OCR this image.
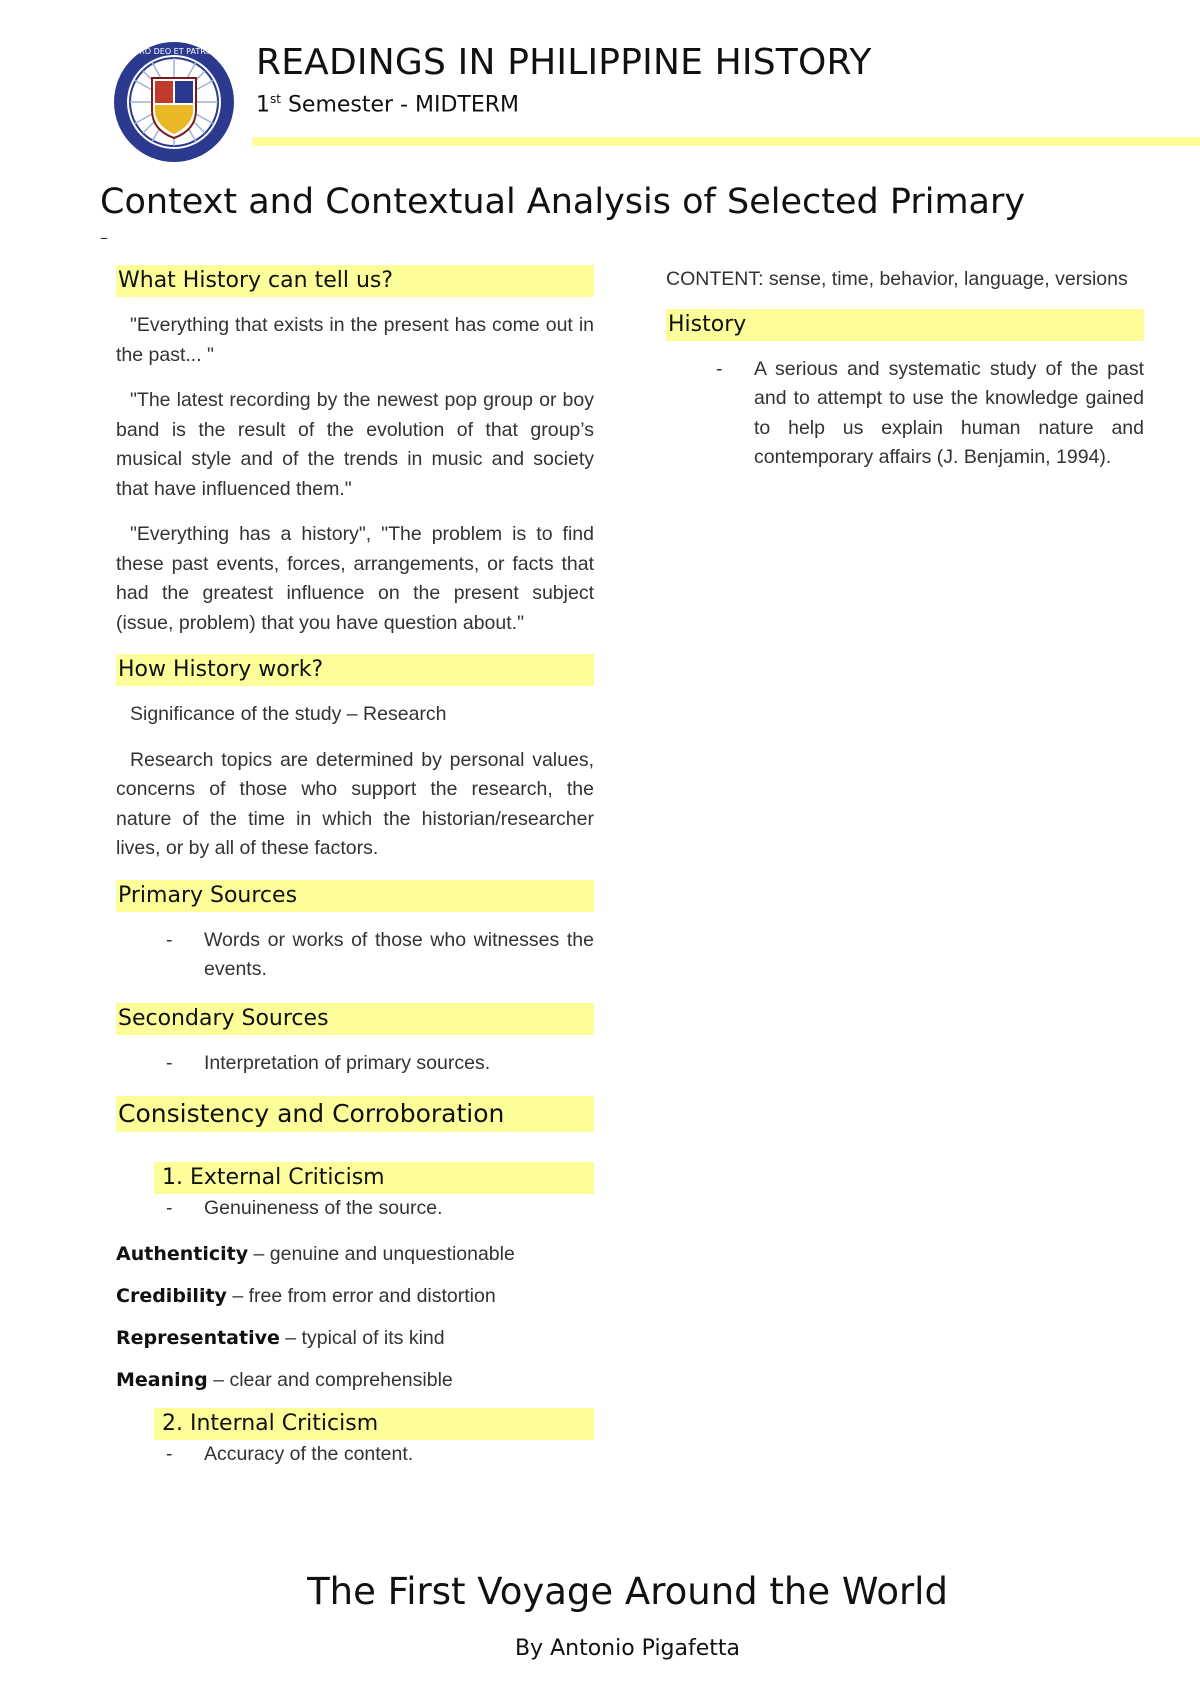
PRO DEO ET PATRIA READINGS IN PHILIPPINE HISTORY
1st Semester - MIDTERM
Context and Contextual Analysis of Selected Primary
–
What History can tell us?
"Everything that exists in the present has come out in the past... "
"The latest recording by the newest pop group or boy band is the result of the evolution of that group’s musical style and of the trends in music and society that have influenced them."
"Everything has a history", "The problem is to find these past events, forces, arrangements, or facts that had the greatest influence on the present subject (issue, problem) that you have question about."
How History work?
Significance of the study – Research
Research topics are determined by personal values, concerns of those who support the research, the nature of the time in which the historian/researcher lives, or by all of these factors.
Primary Sources
-	Words or works of those who witnesses the events.
Secondary Sources
-	Interpretation of primary sources.
Consistency and Corroboration
1. External Criticism
-	Genuineness of the source.
Authenticity – genuine and unquestionable
Credibility – free from error and distortion
Representative – typical of its kind
Meaning – clear and comprehensible
2. Internal Criticism
-	Accuracy of the content.
CONTENT: sense, time, behavior, language, versions
History
-	A serious and systematic study of the past and to attempt to use the knowledge gained to help us explain human nature and contemporary affairs (J. Benjamin, 1994).
The First Voyage Around the World
By Antonio Pigafetta
